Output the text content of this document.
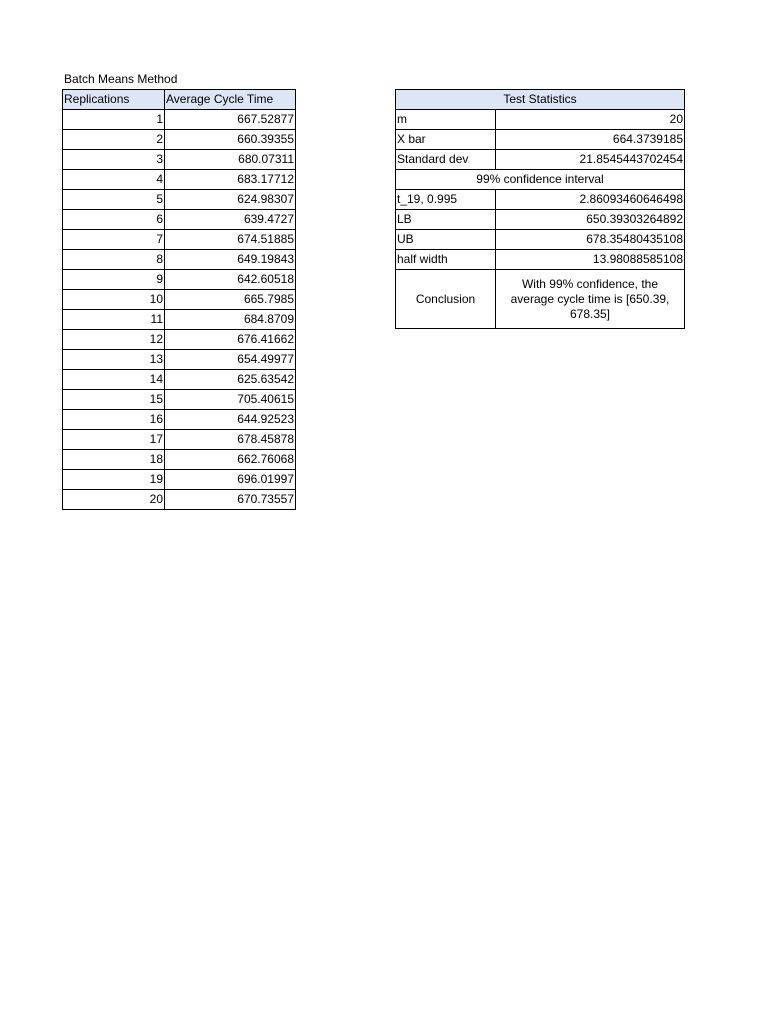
Batch Means Method
Replications	Average Cycle Time
1	667.52877
2	660.39355
3	680.07311
4	683.17712
5	624.98307
6	639.4727
7	674.51885
8	649.19843
9	642.60518
10	665.7985
11	684.8709
12	676.41662
13	654.49977
14	625.63542
15	705.40615
16	644.92523
17	678.45878
18	662.76068
19	696.01997
20	670.73557
Test Statistics	
m	20
X bar	664.3739185
Standard dev	21.8545443702454
99% confidence interval	
t_19, 0.995	2.86093460646498
LB	650.39303264892
UB	678.35480435108
half width	13.98088585108
Conclusion	With 99% confidence, the average cycle time is [650.39, 678.35]
